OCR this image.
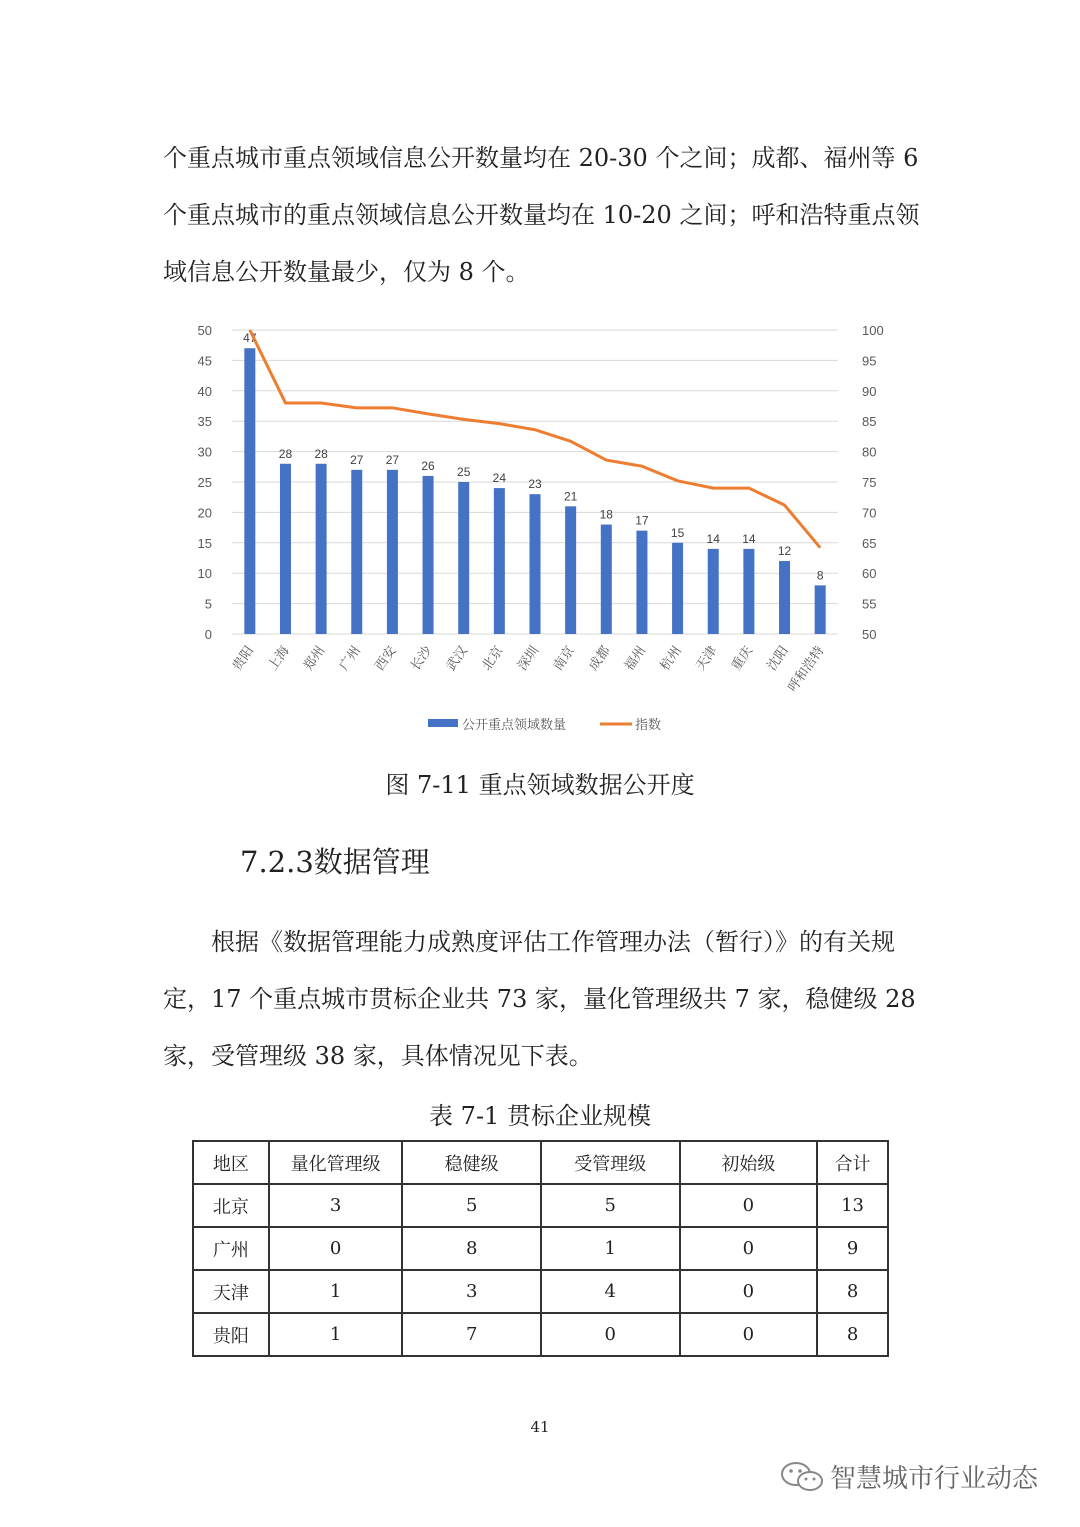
个重点城市重点领域信息公开数量均在 20-30 个之间；成都、福州等 6 个重点城市的重点领域信息公开数量均在 10-20 之间；呼和浩特重点领域信息公开数量最少，仅为 8 个。

0
5
10
15
20
25
30
35
40
45
50
50
55
60
65
70
75
80
85
90
95
100
47
贵阳
28
上海
28
郑州
27
广州
27
西安
26
长沙
25
武汉
24
北京
23
深圳
21
南京
18
成都
17
福州
15
杭州
14
天津
14
重庆
12
沈阳
8
呼和浩特
公开重点领域数量	指数
图 7-11 重点领域数据公开度
7.2.3数据管理

根据《数据管理能力成熟度评估工作管理办法（暂行）》的有关规定，17 个重点城市贯标企业共 73 家，量化管理级共 7 家，稳健级 28 家，受管理级 38 家，具体情况见下表。

表 7-1 贯标企业规模
地区	量化管理级	稳健级	受管理级	初始级	合计
北京	3	5	5	0	13
广州	0	8	1	0	9
天津	1	3	4	0	8
贵阳	1	7	0	0	8
41
智慧城市行业动态
